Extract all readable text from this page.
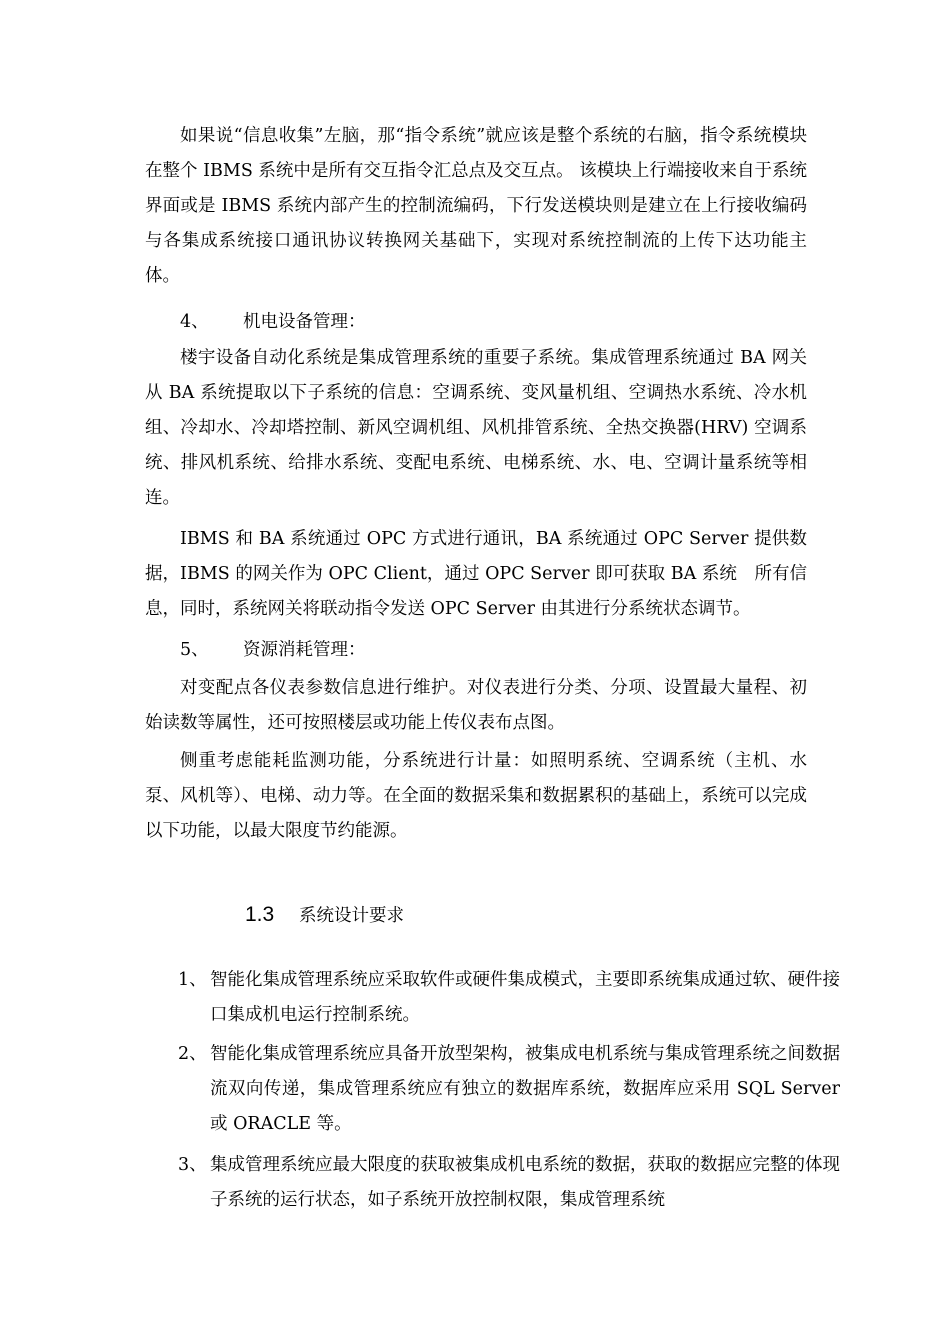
如果说“信息收集”左脑，那“指令系统”就应该是整个系统的右脑，指令系统模块在整个 IBMS 系统中是所有交互指令汇总点及交互点。 该模块上行端接收来自于系统界面或是 IBMS 系统内部产生的控制流编码，下行发送模块则是建立在上行接收编码与各集成系统接口通讯协议转换网关基础下，实现对系统控制流的上传下达功能主体。

4、 机电设备管理：

楼宇设备自动化系统是集成管理系统的重要子系统。集成管理系统通过 BA 网关从 BA 系统提取以下子系统的信息：空调系统、变风量机组、空调热水系统、冷水机组、冷却水、冷却塔控制、新风空调机组、风机排管系统、全热交换器(HRV) 空调系统、排风机系统、给排水系统、变配电系统、电梯系统、水、电、空调计量系统等相连。

IBMS 和 BA 系统通过 OPC 方式进行通讯，BA 系统通过 OPC Server 提供数据，IBMS 的网关作为 OPC Client，通过 OPC Server 即可获取 BA 系统　所有信息，同时，系统网关将联动指令发送 OPC Server 由其进行分系统状态调节。

5、 资源消耗管理：

对变配点各仪表参数信息进行维护。对仪表进行分类、分项、设置最大量程、初始读数等属性，还可按照楼层或功能上传仪表布点图。

侧重考虑能耗监测功能，分系统进行计量：如照明系统、空调系统（主机、水泵、风机等）、电梯、动力等。在全面的数据采集和数据累积的基础上，系统可以完成以下功能，以最大限度节约能源。

1.3 系统设计要求

1、 智能化集成管理系统应采取软件或硬件集成模式，主要即系统集成通过软、硬件接口集成机电运行控制系统。

2、 智能化集成管理系统应具备开放型架构，被集成电机系统与集成管理系统之间数据流双向传递，集成管理系统应有独立的数据库系统，数据库应采用 SQL Server 或 ORACLE 等。

3、 集成管理系统应最大限度的获取被集成机电系统的数据，获取的数据应完整的体现子系统的运行状态，如子系统开放控制权限，集成管理系统
